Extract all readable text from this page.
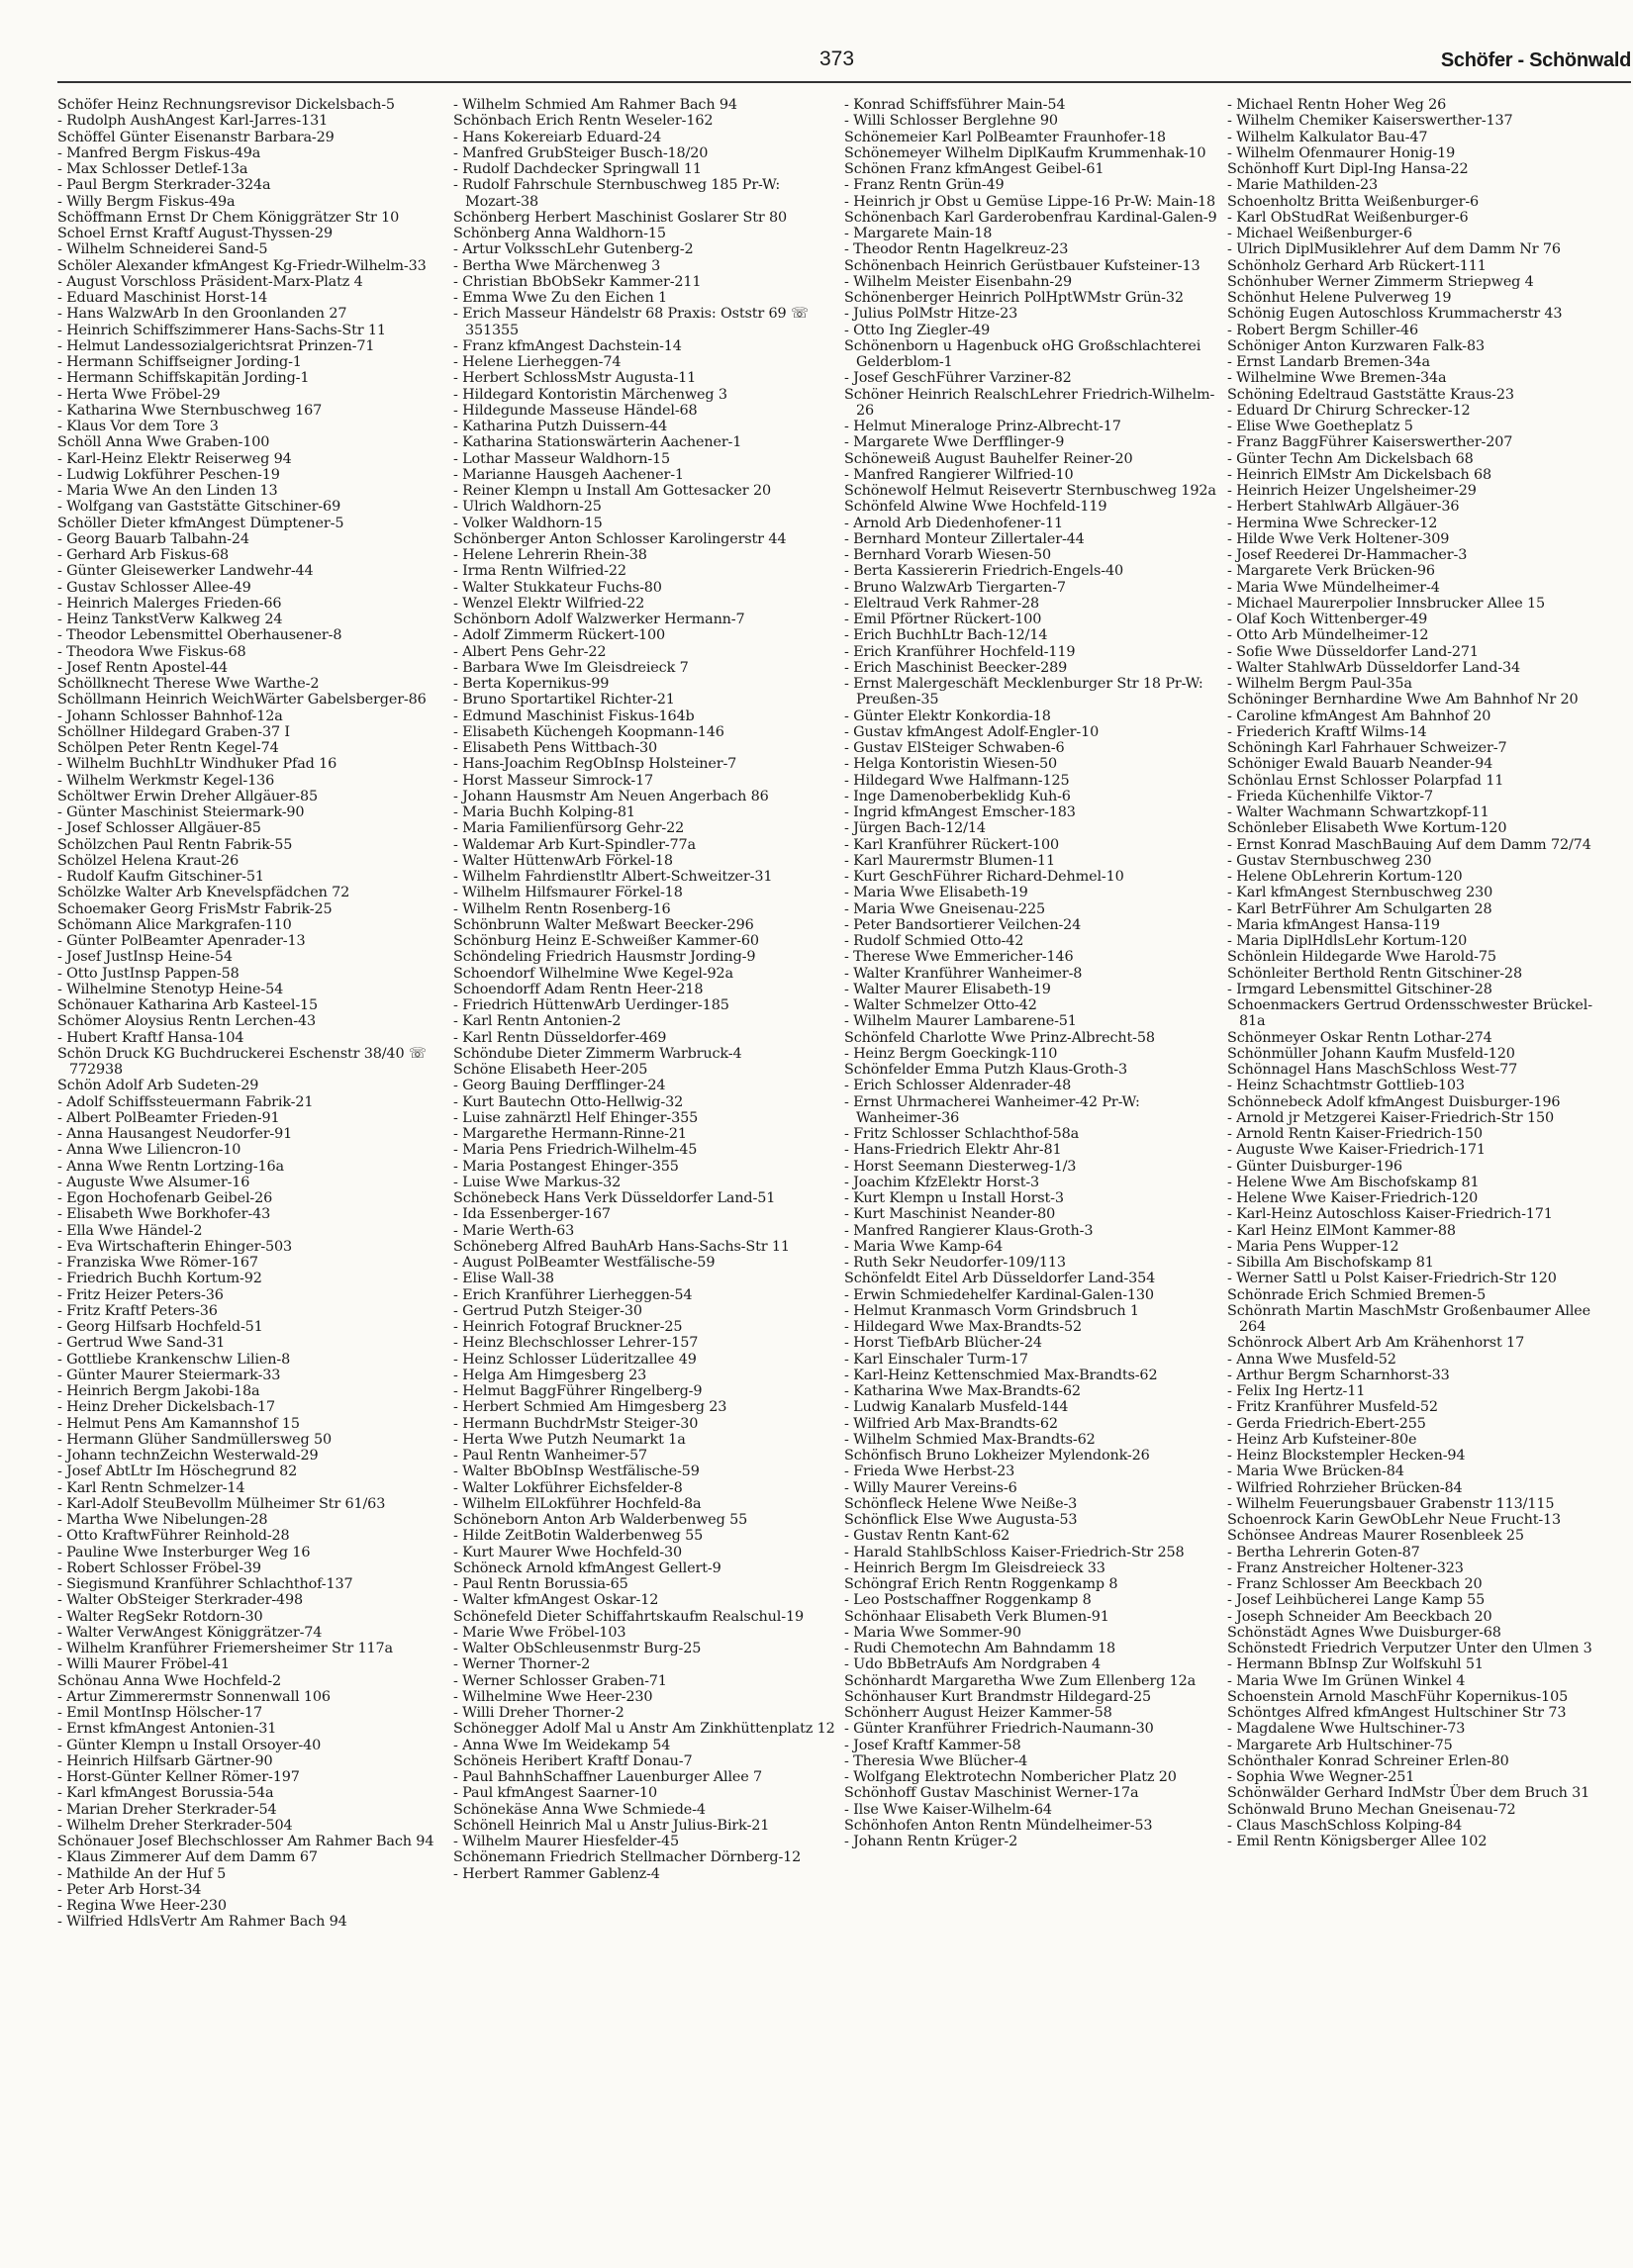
373	Schöfer - Schönwald
Schöfer Heinz Rechnungsrevisor Dickelsbach-5
- Rudolph AushAngest Karl-Jarres-131
Schöffel Günter Eisenanstr Barbara-29
- Manfred Bergm Fiskus-49a
- Max Schlosser Detlef-13a
- Paul Bergm Sterkrader-324a
- Willy Bergm Fiskus-49a
Schöffmann Ernst Dr Chem Königgrätzer Str 10
Schoel Ernst Kraftf August-Thyssen-29
- Wilhelm Schneiderei Sand-5
Schöler Alexander kfmAngest Kg-Friedr-Wilhelm-33
- August Vorschloss Präsident-Marx-Platz 4
- Eduard Maschinist Horst-14
- Hans WalzwArb In den Groonlanden 27
- Heinrich Schiffszimmerer Hans-Sachs-Str 11
- Helmut Landessozialgerichtsrat Prinzen-71
- Hermann Schiffseigner Jording-1
- Hermann Schiffskapitän Jording-1
- Herta Wwe Fröbel-29
- Katharina Wwe Sternbuschweg 167
- Klaus Vor dem Tore 3
Schöll Anna Wwe Graben-100
- Karl-Heinz Elektr Reiserweg 94
- Ludwig Lokführer Peschen-19
- Maria Wwe An den Linden 13
- Wolfgang van Gaststätte Gitschiner-69
Schöller Dieter kfmAngest Dümptener-5
- Georg Bauarb Talbahn-24
- Gerhard Arb Fiskus-68
- Günter Gleisewerker Landwehr-44
- Gustav Schlosser Allee-49
- Heinrich Malerges Frieden-66
- Heinz TankstVerw Kalkweg 24
- Theodor Lebensmittel Oberhausener-8
- Theodora Wwe Fiskus-68
- Josef Rentn Apostel-44
Schöllknecht Therese Wwe Warthe-2
Schöllmann Heinrich WeichWärter Gabelsberger-86
- Johann Schlosser Bahnhof-12a
Schöllner Hildegard Graben-37 I
Schölpen Peter Rentn Kegel-74
- Wilhelm BuchhLtr Windhuker Pfad 16
- Wilhelm Werkmstr Kegel-136
Schöltwer Erwin Dreher Allgäuer-85
- Günter Maschinist Steiermark-90
- Josef Schlosser Allgäuer-85
Schölzchen Paul Rentn Fabrik-55
Schölzel Helena Kraut-26
- Rudolf Kaufm Gitschiner-51
Schölzke Walter Arb Knevelspfädchen 72
Schoemaker Georg FrisMstr Fabrik-25
Schömann Alice Markgrafen-110
- Günter PolBeamter Apenrader-13
- Josef JustInsp Heine-54
- Otto JustInsp Pappen-58
- Wilhelmine Stenotyp Heine-54
Schönauer Katharina Arb Kasteel-15
Schömer Aloysius Rentn Lerchen-43
- Hubert Kraftf Hansa-104
Schön Druck KG Buchdruckerei Eschenstr 38/40 ☏ 772938
Schön Adolf Arb Sudeten-29
- Adolf Schiffssteuermann Fabrik-21
- Albert PolBeamter Frieden-91
- Anna Hausangest Neudorfer-91
- Anna Wwe Liliencron-10
- Anna Wwe Rentn Lortzing-16a
- Auguste Wwe Alsumer-16
- Egon Hochofenarb Geibel-26
- Elisabeth Wwe Borkhofer-43
- Ella Wwe Händel-2
- Eva Wirtschafterin Ehinger-503
- Franziska Wwe Römer-167
- Friedrich Buchh Kortum-92
- Fritz Heizer Peters-36
- Fritz Kraftf Peters-36
- Georg Hilfsarb Hochfeld-51
- Gertrud Wwe Sand-31
- Gottliebe Krankenschw Lilien-8
- Günter Maurer Steiermark-33
- Heinrich Bergm Jakobi-18a
- Heinz Dreher Dickelsbach-17
- Helmut Pens Am Kamannshof 15
- Hermann Glüher Sandmüllersweg 50
- Johann technZeichn Westerwald-29
- Josef AbtLtr Im Höschegrund 82
- Karl Rentn Schmelzer-14
- Karl-Adolf SteuBevollm Mülheimer Str 61/63
- Martha Wwe Nibelungen-28
- Otto KraftwFührer Reinhold-28
- Pauline Wwe Insterburger Weg 16
- Robert Schlosser Fröbel-39
- Siegismund Kranführer Schlachthof-137
- Walter ObSteiger Sterkrader-498
- Walter RegSekr Rotdorn-30
- Walter VerwAngest Königgrätzer-74
- Wilhelm Kranführer Friemersheimer Str 117a
- Willi Maurer Fröbel-41
Schönau Anna Wwe Hochfeld-2
- Artur Zimmerermstr Sonnenwall 106
- Emil MontInsp Hölscher-17
- Ernst kfmAngest Antonien-31
- Günter Klempn u Install Orsoyer-40
- Heinrich Hilfsarb Gärtner-90
- Horst-Günter Kellner Römer-197
- Karl kfmAngest Borussia-54a
- Marian Dreher Sterkrader-54
- Wilhelm Dreher Sterkrader-504
Schönauer Josef Blechschlosser Am Rahmer Bach 94
- Klaus Zimmerer Auf dem Damm 67
- Mathilde An der Huf 5
- Peter Arb Horst-34
- Regina Wwe Heer-230
- Wilfried HdlsVertr Am Rahmer Bach 94
- Wilhelm Schmied Am Rahmer Bach 94
Schönbach Erich Rentn Weseler-162
- Hans Kokereiarb Eduard-24
- Manfred GrubSteiger Busch-18/20
- Rudolf Dachdecker Springwall 11
- Rudolf Fahrschule Sternbuschweg 185 Pr-W: Mozart-38
Schönberg Herbert Maschinist Goslarer Str 80
Schönberg Anna Waldhorn-15
- Artur VolksschLehr Gutenberg-2
- Bertha Wwe Märchenweg 3
- Christian BbObSekr Kammer-211
- Emma Wwe Zu den Eichen 1
- Erich Masseur Händelstr 68 Praxis: Oststr 69 ☏ 351355
- Franz kfmAngest Dachstein-14
- Helene Lierheggen-74
- Herbert SchlossMstr Augusta-11
- Hildegard Kontoristin Märchenweg 3
- Hildegunde Masseuse Händel-68
- Katharina Putzh Duissern-44
- Katharina Stationswärterin Aachener-1
- Lothar Masseur Waldhorn-15
- Marianne Hausgeh Aachener-1
- Reiner Klempn u Install Am Gottesacker 20
- Ulrich Waldhorn-25
- Volker Waldhorn-15
Schönberger Anton Schlosser Karolingerstr 44
- Helene Lehrerin Rhein-38
- Irma Rentn Wilfried-22
- Walter Stukkateur Fuchs-80
- Wenzel Elektr Wilfried-22
Schönborn Adolf Walzwerker Hermann-7
- Adolf Zimmerm Rückert-100
- Albert Pens Gehr-22
- Barbara Wwe Im Gleisdreieck 7
- Berta Kopernikus-99
- Bruno Sportartikel Richter-21
- Edmund Maschinist Fiskus-164b
- Elisabeth Küchengeh Koopmann-146
- Elisabeth Pens Wittbach-30
- Hans-Joachim RegObInsp Holsteiner-7
- Horst Masseur Simrock-17
- Johann Hausmstr Am Neuen Angerbach 86
- Maria Buchh Kolping-81
- Maria Familienfürsorg Gehr-22
- Waldemar Arb Kurt-Spindler-77a
- Walter HüttenwArb Förkel-18
- Wilhelm Fahrdienstltr Albert-Schweitzer-31
- Wilhelm Hilfsmaurer Förkel-18
- Wilhelm Rentn Rosenberg-16
Schönbrunn Walter Meßwart Beecker-296
Schönburg Heinz E-Schweißer Kammer-60
Schöndeling Friedrich Hausmstr Jording-9
Schoendorf Wilhelmine Wwe Kegel-92a
Schoendorff Adam Rentn Heer-218
- Friedrich HüttenwArb Uerdinger-185
- Karl Rentn Antonien-2
- Karl Rentn Düsseldorfer-469
Schöndube Dieter Zimmerm Warbruck-4
Schöne Elisabeth Heer-205
- Georg Bauing Derfflinger-24
- Kurt Bautechn Otto-Hellwig-32
- Luise zahnärztl Helf Ehinger-355
- Margarethe Hermann-Rinne-21
- Maria Pens Friedrich-Wilhelm-45
- Maria Postangest Ehinger-355
- Luise Wwe Markus-32
Schönebeck Hans Verk Düsseldorfer Land-51
- Ida Essenberger-167
- Marie Werth-63
Schöneberg Alfred BauhArb Hans-Sachs-Str 11
- August PolBeamter Westfälische-59
- Elise Wall-38
- Erich Kranführer Lierheggen-54
- Gertrud Putzh Steiger-30
- Heinrich Fotograf Bruckner-25
- Heinz Blechschlosser Lehrer-157
- Heinz Schlosser Lüderitzallee 49
- Helga Am Himgesberg 23
- Helmut BaggFührer Ringelberg-9
- Herbert Schmied Am Himgesberg 23
- Hermann BuchdrMstr Steiger-30
- Herta Wwe Putzh Neumarkt 1a
- Paul Rentn Wanheimer-57
- Walter BbObInsp Westfälische-59
- Walter Lokführer Eichsfelder-8
- Wilhelm ElLokführer Hochfeld-8a
Schöneborn Anton Arb Walderbenweg 55
- Hilde ZeitBotin Walderbenweg 55
- Kurt Maurer Wwe Hochfeld-30
Schöneck Arnold kfmAngest Gellert-9
- Paul Rentn Borussia-65
- Walter kfmAngest Oskar-12
Schönefeld Dieter Schiffahrtskaufm Realschul-19
- Marie Wwe Fröbel-103
- Walter ObSchleusenmstr Burg-25
- Werner Thorner-2
- Werner Schlosser Graben-71
- Wilhelmine Wwe Heer-230
- Willi Dreher Thorner-2
Schönegger Adolf Mal u Anstr Am Zinkhüttenplatz 12
- Anna Wwe Im Weidekamp 54
Schöneis Heribert Kraftf Donau-7
- Paul BahnhSchaffner Lauenburger Allee 7
- Paul kfmAngest Saarner-10
Schönekäse Anna Wwe Schmiede-4
Schönell Heinrich Mal u Anstr Julius-Birk-21
- Wilhelm Maurer Hiesfelder-45
Schönemann Friedrich Stellmacher Dörnberg-12
- Herbert Rammer Gablenz-4
- Konrad Schiffsführer Main-54
- Willi Schlosser Berglehne 90
Schönemeier Karl PolBeamter Fraunhofer-18
Schönemeyer Wilhelm DiplKaufm Krummenhak-10
Schönen Franz kfmAngest Geibel-61
- Franz Rentn Grün-49
- Heinrich jr Obst u Gemüse Lippe-16 Pr-W: Main-18
Schönenbach Karl Garderobenfrau Kardinal-Galen-9
- Margarete Main-18
- Theodor Rentn Hagelkreuz-23
Schönenbach Heinrich Gerüstbauer Kufsteiner-13
- Wilhelm Meister Eisenbahn-29
Schönenberger Heinrich PolHptWMstr Grün-32
- Julius PolMstr Hitze-23
- Otto Ing Ziegler-49
Schönenborn u Hagenbuck oHG Großschlachterei Gelderblom-1
- Josef GeschFührer Varziner-82
Schöner Heinrich RealschLehrer Friedrich-Wilhelm-26
- Helmut Mineraloge Prinz-Albrecht-17
- Margarete Wwe Derfflinger-9
Schöneweiß August Bauhelfer Reiner-20
- Manfred Rangierer Wilfried-10
Schönewolf Helmut Reisevertr Sternbuschweg 192a
Schönfeld Alwine Wwe Hochfeld-119
- Arnold Arb Diedenhofener-11
- Bernhard Monteur Zillertaler-44
- Bernhard Vorarb Wiesen-50
- Berta Kassiererin Friedrich-Engels-40
- Bruno WalzwArb Tiergarten-7
- Eleltraud Verk Rahmer-28
- Emil Pförtner Rückert-100
- Erich BuchhLtr Bach-12/14
- Erich Kranführer Hochfeld-119
- Erich Maschinist Beecker-289
- Ernst Malergeschäft Mecklenburger Str 18 Pr-W: Preußen-35
- Günter Elektr Konkordia-18
- Gustav kfmAngest Adolf-Engler-10
- Gustav ElSteiger Schwaben-6
- Helga Kontoristin Wiesen-50
- Hildegard Wwe Halfmann-125
- Inge Damenoberbeklidg Kuh-6
- Ingrid kfmAngest Emscher-183
- Jürgen Bach-12/14
- Karl Kranführer Rückert-100
- Karl Maurermstr Blumen-11
- Kurt GeschFührer Richard-Dehmel-10
- Maria Wwe Elisabeth-19
- Maria Wwe Gneisenau-225
- Peter Bandsortierer Veilchen-24
- Rudolf Schmied Otto-42
- Therese Wwe Emmericher-146
- Walter Kranführer Wanheimer-8
- Walter Maurer Elisabeth-19
- Walter Schmelzer Otto-42
- Wilhelm Maurer Lambarene-51
Schönfeld Charlotte Wwe Prinz-Albrecht-58
- Heinz Bergm Goeckingk-110
Schönfelder Emma Putzh Klaus-Groth-3
- Erich Schlosser Aldenrader-48
- Ernst Uhrmacherei Wanheimer-42 Pr-W: Wanheimer-36
- Fritz Schlosser Schlachthof-58a
- Hans-Friedrich Elektr Ahr-81
- Horst Seemann Diesterweg-1/3
- Joachim KfzElektr Horst-3
- Kurt Klempn u Install Horst-3
- Kurt Maschinist Neander-80
- Manfred Rangierer Klaus-Groth-3
- Maria Wwe Kamp-64
- Ruth Sekr Neudorfer-109/113
Schönfeldt Eitel Arb Düsseldorfer Land-354
- Erwin Schmiedehelfer Kardinal-Galen-130
- Helmut Kranmasch Vorm Grindsbruch 1
- Hildegard Wwe Max-Brandts-52
- Horst TiefbArb Blücher-24
- Karl Einschaler Turm-17
- Karl-Heinz Kettenschmied Max-Brandts-62
- Katharina Wwe Max-Brandts-62
- Ludwig Kanalarb Musfeld-144
- Wilfried Arb Max-Brandts-62
- Wilhelm Schmied Max-Brandts-62
Schönfisch Bruno Lokheizer Mylendonk-26
- Frieda Wwe Herbst-23
- Willy Maurer Vereins-6
Schönfleck Helene Wwe Neiße-3
Schönflick Else Wwe Augusta-53
- Gustav Rentn Kant-62
- Harald StahlbSchloss Kaiser-Friedrich-Str 258
- Heinrich Bergm Im Gleisdreieck 33
Schöngraf Erich Rentn Roggenkamp 8
- Leo Postschaffner Roggenkamp 8
Schönhaar Elisabeth Verk Blumen-91
- Maria Wwe Sommer-90
- Rudi Chemotechn Am Bahndamm 18
- Udo BbBetrAufs Am Nordgraben 4
Schönhardt Margaretha Wwe Zum Ellenberg 12a
Schönhauser Kurt Brandmstr Hildegard-25
Schönherr August Heizer Kammer-58
- Günter Kranführer Friedrich-Naumann-30
- Josef Kraftf Kammer-58
- Theresia Wwe Blücher-4
- Wolfgang Elektrotechn Nombericher Platz 20
Schönhoff Gustav Maschinist Werner-17a
- Ilse Wwe Kaiser-Wilhelm-64
Schönhofen Anton Rentn Mündelheimer-53
- Johann Rentn Krüger-2
- Michael Rentn Hoher Weg 26
- Wilhelm Chemiker Kaiserswerther-137
- Wilhelm Kalkulator Bau-47
- Wilhelm Ofenmaurer Honig-19
Schönhoff Kurt Dipl-Ing Hansa-22
- Marie Mathilden-23
Schoenholtz Britta Weißenburger-6
- Karl ObStudRat Weißenburger-6
- Michael Weißenburger-6
- Ulrich DiplMusiklehrer Auf dem Damm Nr 76
Schönholz Gerhard Arb Rückert-111
Schönhuber Werner Zimmerm Striepweg 4
Schönhut Helene Pulverweg 19
Schönig Eugen Autoschloss Krummacherstr 43
- Robert Bergm Schiller-46
Schöniger Anton Kurzwaren Falk-83
- Ernst Landarb Bremen-34a
- Wilhelmine Wwe Bremen-34a
Schöning Edeltraud Gaststätte Kraus-23
- Eduard Dr Chirurg Schrecker-12
- Elise Wwe Goetheplatz 5
- Franz BaggFührer Kaiserswerther-207
- Günter Techn Am Dickelsbach 68
- Heinrich ElMstr Am Dickelsbach 68
- Heinrich Heizer Ungelsheimer-29
- Herbert StahlwArb Allgäuer-36
- Hermina Wwe Schrecker-12
- Hilde Wwe Verk Holtener-309
- Josef Reederei Dr-Hammacher-3
- Margarete Verk Brücken-96
- Maria Wwe Mündelheimer-4
- Michael Maurerpolier Innsbrucker Allee 15
- Olaf Koch Wittenberger-49
- Otto Arb Mündelheimer-12
- Sofie Wwe Düsseldorfer Land-271
- Walter StahlwArb Düsseldorfer Land-34
- Wilhelm Bergm Paul-35a
Schöninger Bernhardine Wwe Am Bahnhof Nr 20
- Caroline kfmAngest Am Bahnhof 20
- Friederich Kraftf Wilms-14
Schöningh Karl Fahrhauer Schweizer-7
Schöniger Ewald Bauarb Neander-94
Schönlau Ernst Schlosser Polarpfad 11
- Frieda Küchenhilfe Viktor-7
- Walter Wachmann Schwartzkopf-11
Schönleber Elisabeth Wwe Kortum-120
- Ernst Konrad MaschBauing Auf dem Damm 72/74
- Gustav Sternbuschweg 230
- Helene ObLehrerin Kortum-120
- Karl kfmAngest Sternbuschweg 230
- Karl BetrFührer Am Schulgarten 28
- Maria kfmAngest Hansa-119
- Maria DiplHdlsLehr Kortum-120
Schönlein Hildegarde Wwe Harold-75
Schönleiter Berthold Rentn Gitschiner-28
- Irmgard Lebensmittel Gitschiner-28
Schoenmackers Gertrud Ordensschwester Brückel-81a
Schönmeyer Oskar Rentn Lothar-274
Schönmüller Johann Kaufm Musfeld-120
Schönnagel Hans MaschSchloss West-77
- Heinz Schachtmstr Gottlieb-103
Schönnebeck Adolf kfmAngest Duisburger-196
- Arnold jr Metzgerei Kaiser-Friedrich-Str 150
- Arnold Rentn Kaiser-Friedrich-150
- Auguste Wwe Kaiser-Friedrich-171
- Günter Duisburger-196
- Helene Wwe Am Bischofskamp 81
- Helene Wwe Kaiser-Friedrich-120
- Karl-Heinz Autoschloss Kaiser-Friedrich-171
- Karl Heinz ElMont Kammer-88
- Maria Pens Wupper-12
- Sibilla Am Bischofskamp 81
- Werner Sattl u Polst Kaiser-Friedrich-Str 120
Schönrade Erich Schmied Bremen-5
Schönrath Martin MaschMstr Großenbaumer Allee 264
Schönrock Albert Arb Am Krähenhorst 17
- Anna Wwe Musfeld-52
- Arthur Bergm Scharnhorst-33
- Felix Ing Hertz-11
- Fritz Kranführer Musfeld-52
- Gerda Friedrich-Ebert-255
- Heinz Arb Kufsteiner-80e
- Heinz Blockstempler Hecken-94
- Maria Wwe Brücken-84
- Wilfried Rohrzieher Brücken-84
- Wilhelm Feuerungsbauer Grabenstr 113/115
Schoenrock Karin GewObLehr Neue Frucht-13
Schönsee Andreas Maurer Rosenbleek 25
- Bertha Lehrerin Goten-87
- Franz Anstreicher Holtener-323
- Franz Schlosser Am Beeckbach 20
- Josef Leihbücherei Lange Kamp 55
- Joseph Schneider Am Beeckbach 20
Schönstädt Agnes Wwe Duisburger-68
Schönstedt Friedrich Verputzer Unter den Ulmen 3
- Hermann BbInsp Zur Wolfskuhl 51
- Maria Wwe Im Grünen Winkel 4
Schoenstein Arnold MaschFühr Kopernikus-105
Schöntges Alfred kfmAngest Hultschiner Str 73
- Magdalene Wwe Hultschiner-73
- Margarete Arb Hultschiner-75
Schönthaler Konrad Schreiner Erlen-80
- Sophia Wwe Wegner-251
Schönwälder Gerhard IndMstr Über dem Bruch 31
Schönwald Bruno Mechan Gneisenau-72
- Claus MaschSchloss Kolping-84
- Emil Rentn Königsberger Allee 102
